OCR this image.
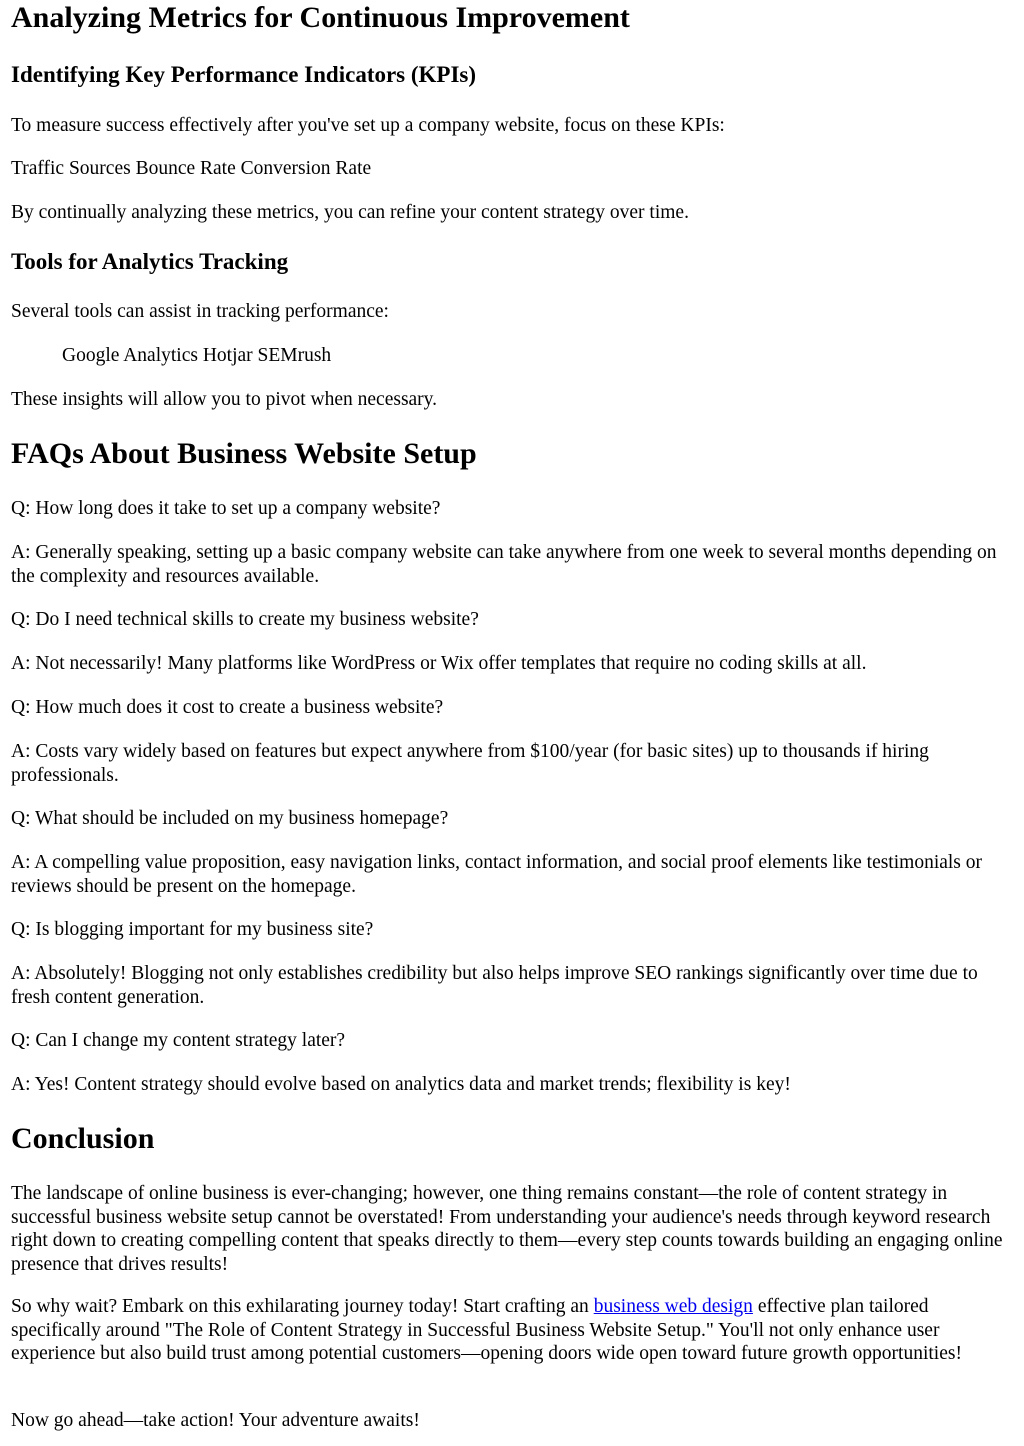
Analyzing Metrics for Continuous Improvement
Identifying Key Performance Indicators (KPIs)

To measure success effectively after you've set up a company website, focus on these KPIs:

Traffic Sources Bounce Rate Conversion Rate

By continually analyzing these metrics, you can refine your content strategy over time.

Tools for Analytics Tracking

Several tools can assist in tracking performance:

Google Analytics Hotjar SEMrush

These insights will allow you to pivot when necessary.

FAQs About Business Website Setup

Q: How long does it take to set up a company website?

A: Generally speaking, setting up a basic company website can take anywhere from one week to several months depending on the complexity and resources available.

Q: Do I need technical skills to create my business website?

A: Not necessarily! Many platforms like WordPress or Wix offer templates that require no coding skills at all.

Q: How much does it cost to create a business website?

A: Costs vary widely based on features but expect anywhere from $100/year (for basic sites) up to thousands if hiring professionals.

Q: What should be included on my business homepage?

A: A compelling value proposition, easy navigation links, contact information, and social proof elements like testimonials or reviews should be present on the homepage.

Q: Is blogging important for my business site?

A: Absolutely! Blogging not only establishes credibility but also helps improve SEO rankings significantly over time due to fresh content generation.

Q: Can I change my content strategy later?

A: Yes! Content strategy should evolve based on analytics data and market trends; flexibility is key!

Conclusion

The landscape of online business is ever-changing; however, one thing remains constant—the role of content strategy in successful business website setup cannot be overstated! From understanding your audience's needs through keyword research right down to creating compelling content that speaks directly to them—every step counts towards building an engaging online presence that drives results!

So why wait? Embark on this exhilarating journey today! Start crafting an business web design effective plan tailored specifically around "The Role of Content Strategy in Successful Business Website Setup." You'll not only enhance user experience but also build trust among potential customers—opening doors wide open toward future growth opportunities!

Now go ahead—take action! Your adventure awaits!
